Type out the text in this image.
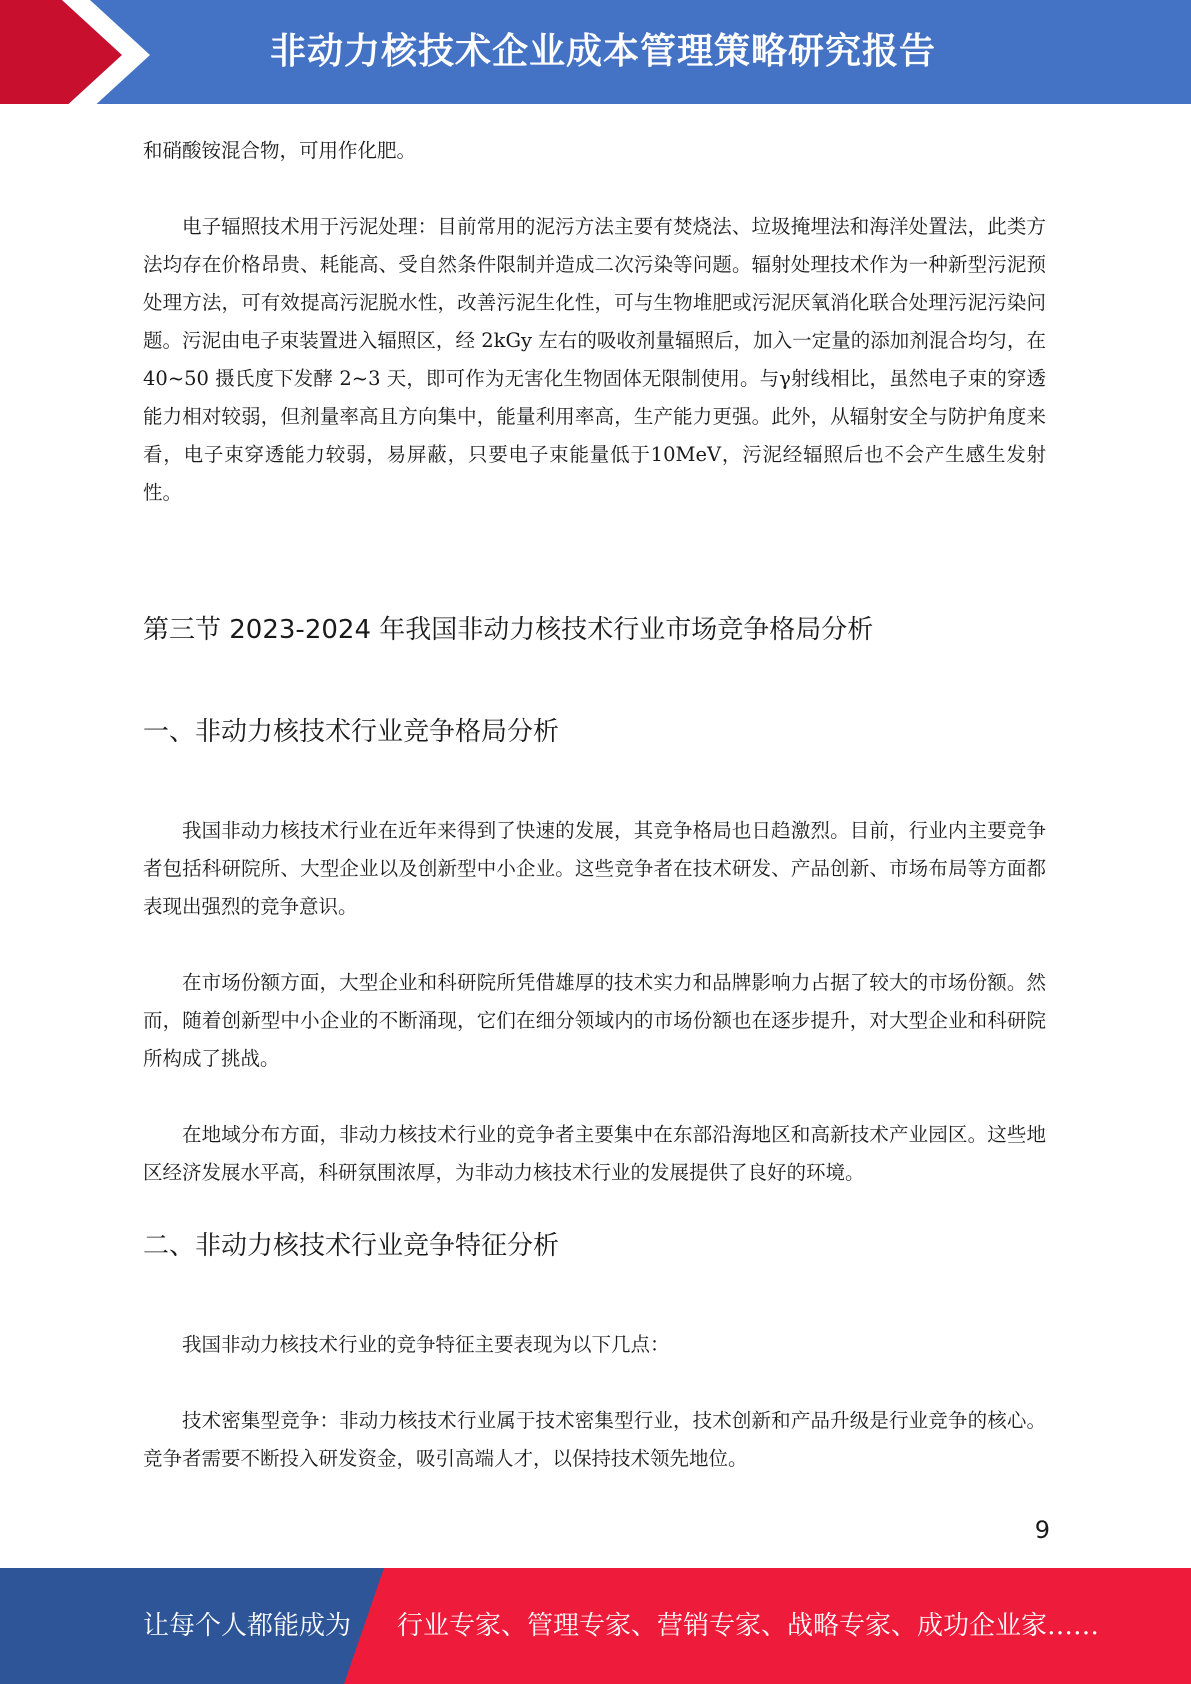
非动力核技术企业成本管理策略研究报告

和硝酸铵混合物，可用作化肥。

电子辐照技术用于污泥处理：目前常用的泥污方法主要有焚烧法、垃圾掩埋法和海洋处置法，此类方法均存在价格昂贵、耗能高、受自然条件限制并造成二次污染等问题。辐射处理技术作为一种新型污泥预处理方法，可有效提高污泥脱水性，改善污泥生化性，可与生物堆肥或污泥厌氧消化联合处理污泥污染问题。污泥由电子束装置进入辐照区，经 2kGy 左右的吸收剂量辐照后，加入一定量的添加剂混合均匀，在 40~50 摄氏度下发酵 2~3 天，即可作为无害化生物固体无限制使用。与γ射线相比，虽然电子束的穿透能力相对较弱，但剂量率高且方向集中，能量利用率高，生产能力更强。此外，从辐射安全与防护角度来看，电子束穿透能力较弱，易屏蔽，只要电子束能量低于10MeV，污泥经辐照后也不会产生感生发射性。

第三节 2023-2024 年我国非动力核技术行业市场竞争格局分析
一、非动力核技术行业竞争格局分析

我国非动力核技术行业在近年来得到了快速的发展，其竞争格局也日趋激烈。目前，行业内主要竞争者包括科研院所、大型企业以及创新型中小企业。这些竞争者在技术研发、产品创新、市场布局等方面都表现出强烈的竞争意识。

在市场份额方面，大型企业和科研院所凭借雄厚的技术实力和品牌影响力占据了较大的市场份额。然而，随着创新型中小企业的不断涌现，它们在细分领域内的市场份额也在逐步提升，对大型企业和科研院所构成了挑战。

在地域分布方面，非动力核技术行业的竞争者主要集中在东部沿海地区和高新技术产业园区。这些地区经济发展水平高，科研氛围浓厚，为非动力核技术行业的发展提供了良好的环境。

二、非动力核技术行业竞争特征分析

我国非动力核技术行业的竞争特征主要表现为以下几点：

技术密集型竞争：非动力核技术行业属于技术密集型行业，技术创新和产品升级是行业竞争的核心。竞争者需要不断投入研发资金，吸引高端人才，以保持技术领先地位。

9
让每个人都能成为 行业专家、管理专家、营销专家、战略专家、成功企业家……
